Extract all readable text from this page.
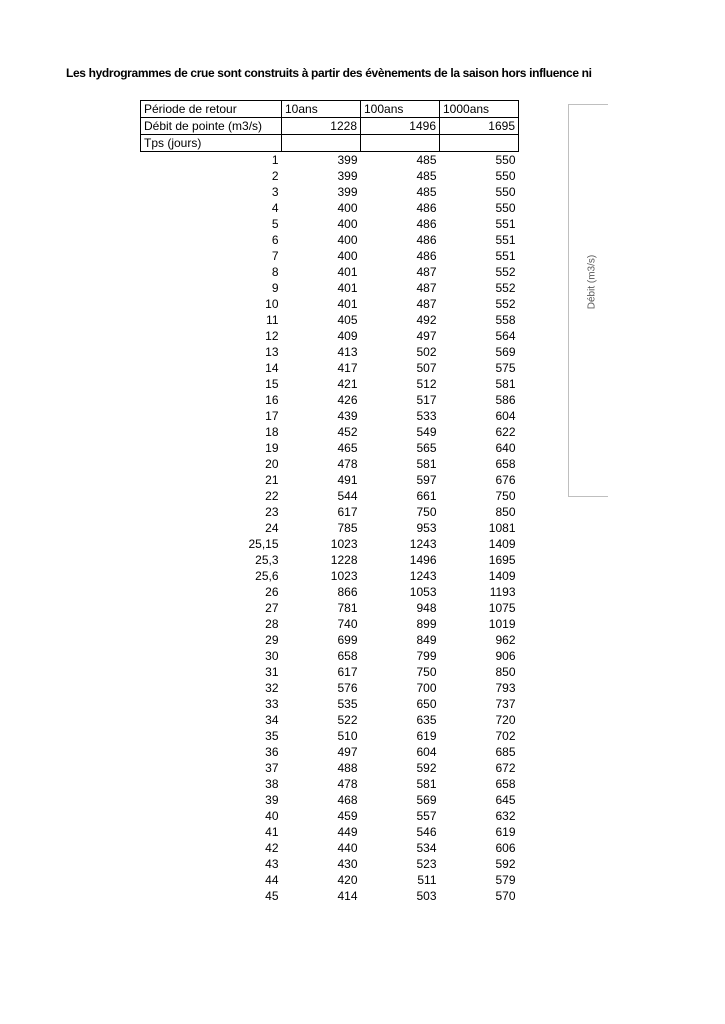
Les hydrogrammes de crue sont construits à partir des évènements de la saison hors influence ni
Période de retour	10ans	100ans	1000ans
Débit de pointe (m3/s)	1228	1496	1695
Tps (jours)			
1	399	485	550
2	399	485	550
3	399	485	550
4	400	486	550
5	400	486	551
6	400	486	551
7	400	486	551
8	401	487	552
9	401	487	552
10	401	487	552
11	405	492	558
12	409	497	564
13	413	502	569
14	417	507	575
15	421	512	581
16	426	517	586
17	439	533	604
18	452	549	622
19	465	565	640
20	478	581	658
21	491	597	676
22	544	661	750
23	617	750	850
24	785	953	1081
25,15	1023	1243	1409
25,3	1228	1496	1695
25,6	1023	1243	1409
26	866	1053	1193
27	781	948	1075
28	740	899	1019
29	699	849	962
30	658	799	906
31	617	750	850
32	576	700	793
33	535	650	737
34	522	635	720
35	510	619	702
36	497	604	685
37	488	592	672
38	478	581	658
39	468	569	645
40	459	557	632
41	449	546	619
42	440	534	606
43	430	523	592
44	420	511	579
45	414	503	570
Débit (m3/s)
